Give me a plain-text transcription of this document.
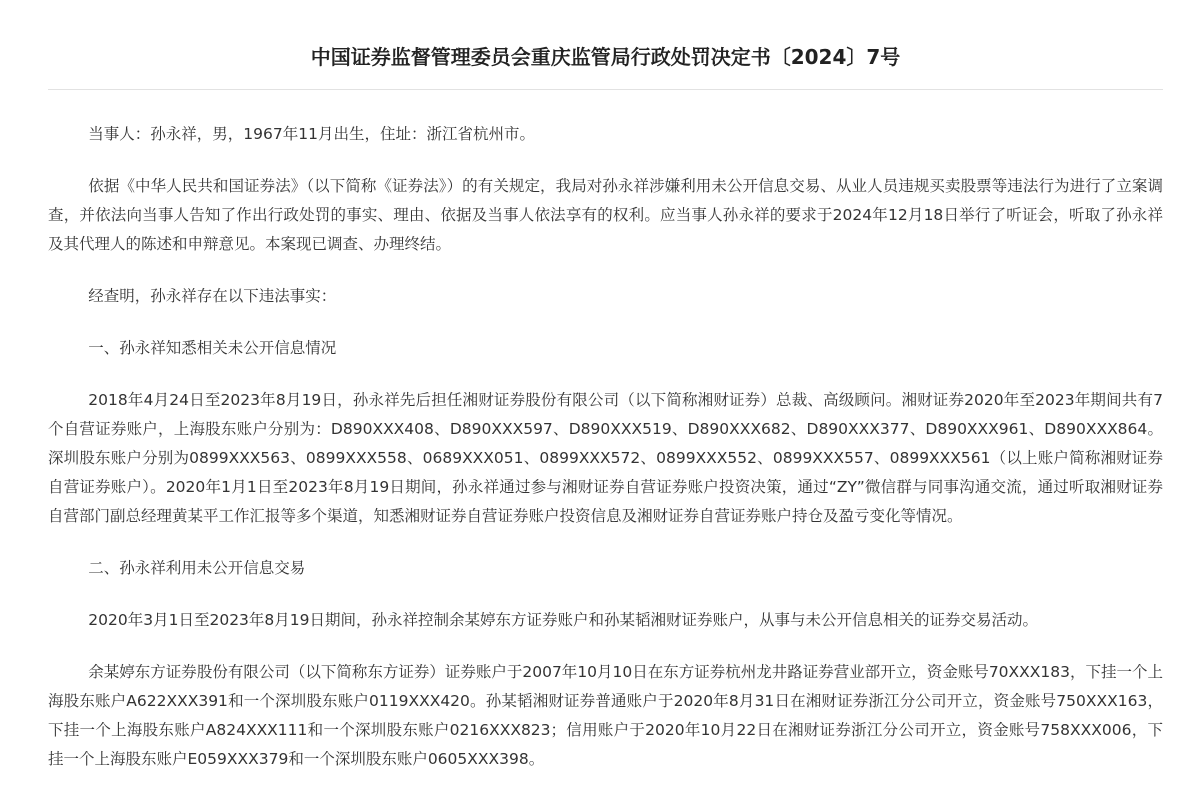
中国证券监督管理委员会重庆监管局行政处罚决定书〔2024〕7号

当事人：孙永祥，男，1967年11月出生，住址：浙江省杭州市。

依据《中华人民共和国证券法》（以下简称《证券法》）的有关规定，我局对孙永祥涉嫌利用未公开信息交易、从业人员违规买卖股票等违法行为进行了立案调查，并依法向当事人告知了作出行政处罚的事实、理由、依据及当事人依法享有的权利。应当事人孙永祥的要求于2024年12月18日举行了听证会，听取了孙永祥及其代理人的陈述和申辩意见。本案现已调查、办理终结。

经查明，孙永祥存在以下违法事实：

一、孙永祥知悉相关未公开信息情况

2018年4月24日至2023年8月19日，孙永祥先后担任湘财证券股份有限公司（以下简称湘财证券）总裁、高级顾问。湘财证券2020年至2023年期间共有7个自营证券账户，上海股东账户分别为：D890XXX408、D890XXX597、D890XXX519、D890XXX682、D890XXX377、D890XXX961、D890XXX864。深圳股东账户分别为0899XXX563、0899XXX558、0689XXX051、0899XXX572、0899XXX552、0899XXX557、0899XXX561（以上账户简称湘财证券自营证券账户）。2020年1月1日至2023年8月19日期间，孙永祥通过参与湘财证券自营证券账户投资决策，通过“ZY”微信群与同事沟通交流，通过听取湘财证券自营部门副总经理黄某平工作汇报等多个渠道，知悉湘财证券自营证券账户投资信息及湘财证券自营证券账户持仓及盈亏变化等情况。

二、孙永祥利用未公开信息交易

2020年3月1日至2023年8月19日期间，孙永祥控制余某婷东方证券账户和孙某韬湘财证券账户，从事与未公开信息相关的证券交易活动。

余某婷东方证券股份有限公司（以下简称东方证券）证券账户于2007年10月10日在东方证券杭州龙井路证券营业部开立，资金账号70XXX183，下挂一个上海股东账户A622XXX391和一个深圳股东账户0119XXX420。孙某韬湘财证券普通账户于2020年8月31日在湘财证券浙江分公司开立，资金账号750XXX163，下挂一个上海股东账户A824XXX111和一个深圳股东账户0216XXX823；信用账户于2020年10月22日在湘财证券浙江分公司开立，资金账号758XXX006，下挂一个上海股东账户E059XXX379和一个深圳股东账户0605XXX398。
